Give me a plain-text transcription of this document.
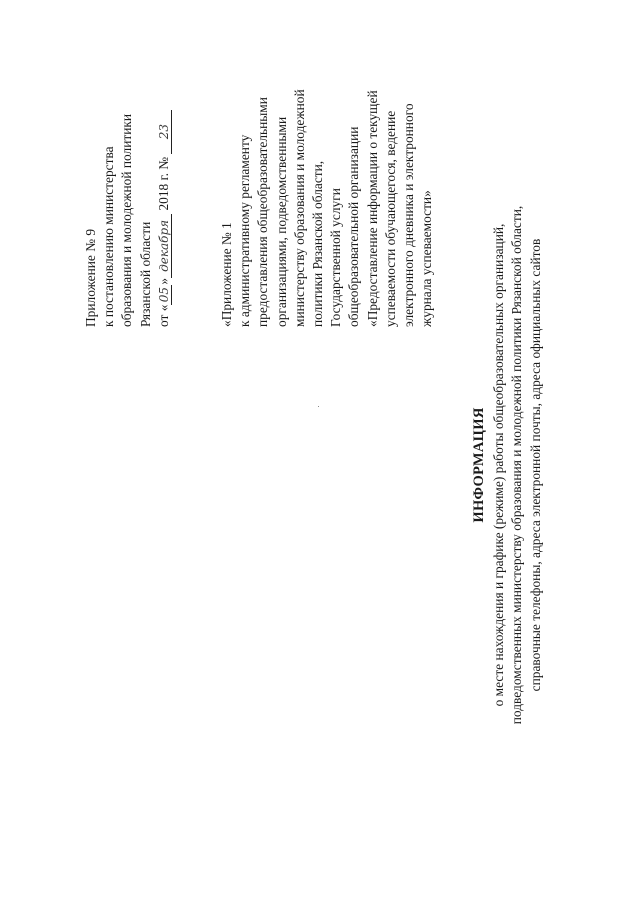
Приложение № 9 к постановлению министерства образования и молодежной политики Рязанской области от «05»декабря 2018 г. № 23
«Приложение № 1 к административному регламенту предоставления общеобразовательными организациями, подведомственными министерству образования и молодежной политики Рязанской области, Государственной услуги общеобразовательной организации «Предоставление информации о текущей успеваемости обучающегося, ведение электронного дневника и электронного журнала успеваемости»
ИНФОРМАЦИЯ о месте нахождения и графике (режиме) работы общеобразовательных организаций, подведомственных министерству образования и молодежной политики Рязанской области, справочные телефоны, адреса электронной почты, адреса официальных сайтов
